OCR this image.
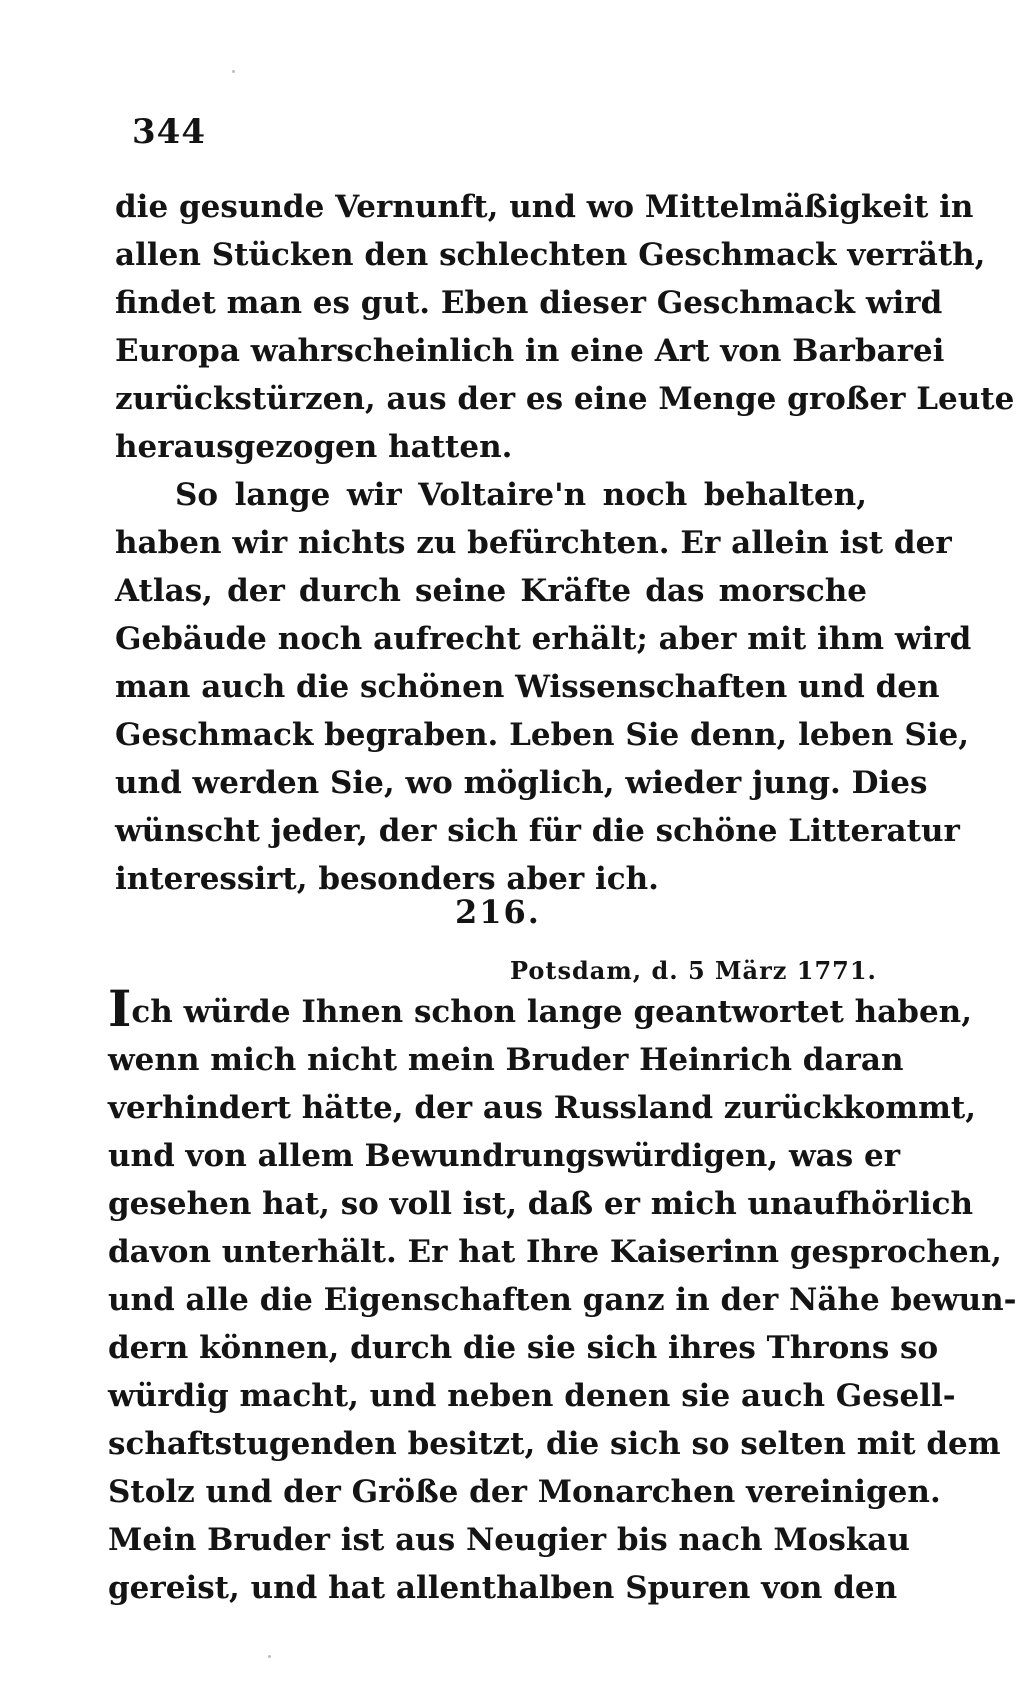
344
die gesunde Vernunft, und wo Mittelmäßigkeit in
allen Stücken den schlechten Geschmack verräth,
findet man es gut. Eben dieser Geschmack wird
Europa wahrscheinlich in eine Art von Barbarei
zurückstürzen, aus der es eine Menge großer Leute
herausgezogen hatten.
So lange wir Voltaire'n noch behalten,
haben wir nichts zu befürchten. Er allein ist der
Atlas, der durch seine Kräfte das morsche
Gebäude noch aufrecht erhält; aber mit ihm wird
man auch die schönen Wissenschaften und den
Geschmack begraben. Leben Sie denn, leben Sie,
und werden Sie, wo möglich, wieder jung. Dies
wünscht jeder, der sich für die schöne Litteratur
interessirt, besonders aber ich.
216.
Potsdam, d. 5 März 1771.
Ich würde Ihnen schon lange geantwortet haben,
wenn mich nicht mein Bruder Heinrich daran
verhindert hätte, der aus Russland zurückkommt,
und von allem Bewundrungswürdigen, was er
gesehen hat, so voll ist, daß er mich unaufhörlich
davon unterhält. Er hat Ihre Kaiserinn gesprochen,
und alle die Eigenschaften ganz in der Nähe bewun-
dern können, durch die sie sich ihres Throns so
würdig macht, und neben denen sie auch Gesell-
schaftstugenden besitzt, die sich so selten mit dem
Stolz und der Größe der Monarchen vereinigen.
Mein Bruder ist aus Neugier bis nach Moskau
gereist, und hat allenthalben Spuren von den
